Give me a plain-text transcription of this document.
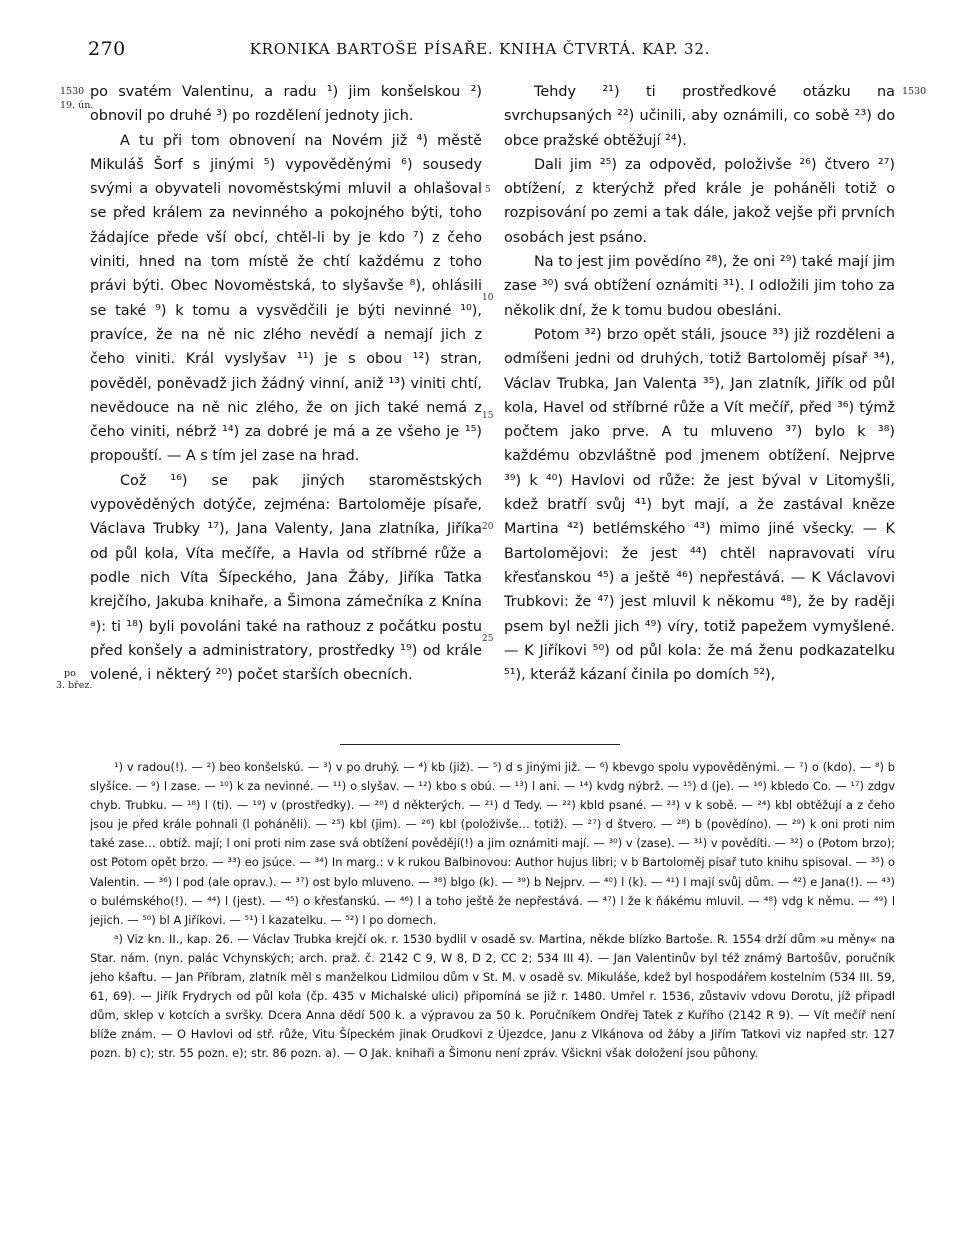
270	KRONIKA BARTOŠE PÍSAŘE. KNIHA ČTVRTÁ. KAP. 32.
1530
19. ún.
po
3. břez.
1530
5
10
15
20
25

po svatém Valentinu, a radu ¹) jim konšelskou ²) obnovil po druhé ³) po rozdělení jednoty jich.

A tu při tom obnovení na Novém již ⁴) městě Mikuláš Šorf s jinými ⁵) vypověděnými ⁶) sousedy svými a obyvateli novoměstskými mluvil a ohlašoval se před králem za nevinného a pokojného býti, toho žádajíce přede vší obcí, chtěl-li by je kdo ⁷) z čeho viniti, hned na tom místě že chtí každému z toho právi býti. Obec Novoměstská, to slyšavše ⁸), ohlásili se také ⁹) k tomu a vysvědčili je býti nevinné ¹⁰), pravíce, že na ně nic zlého nevědí a nemají jich z čeho viniti. Král vyslyšav ¹¹) je s obou ¹²) stran, pověděl, poněvadž jich žádný vinní, aniž ¹³) viniti chtí, nevědouce na ně nic zlého, že on jich také nemá z čeho viniti, nébrž ¹⁴) za dobré je má a ze všeho je ¹⁵) propouští. — A s tím jel zase na hrad.

Což ¹⁶) se pak jiných staroměstských vypověděných dotýče, zejména: Bartoloměje písaře, Václava Trubky ¹⁷), Jana Valenty, Jana zlatníka, Jiříka od půl kola, Víta mečíře, a Havla od stříbrné růže a podle nich Víta Šípeckého, Jana Žáby, Jiříka Tatka krejčího, Jakuba knihaře, a Šimona zámečníka z Knína ᵃ): ti ¹⁸) byli povoláni také na rathouz z počátku postu před konšely a administratory, prostředky ¹⁹) od krále volené, i některý ²⁰) počet starších obecních.

Tehdy ²¹) ti prostředkové otázku na svrchupsaných ²²) učinili, aby oznámili, co sobě ²³) do obce pražské obtěžují ²⁴).

Dali jim ²⁵) za odpověd, položivše ²⁶) čtvero ²⁷) obtížení, z kterýchž před krále je poháněli totiž o rozpisování po zemi a tak dále, jakož vejše při prvních osobách jest psáno.

Na to jest jim povědíno ²⁸), že oni ²⁹) také mají jim zase ³⁰) svá obtížení oznámiti ³¹). I odložili jim toho za několik dní, že k tomu budou obesláni.

Potom ³²) brzo opět stáli, jsouce ³³) již rozděleni a odmíšeni jedni od druhých, totiž Bartoloměj písař ³⁴), Václav Trubka, Jan Valenta ³⁵), Jan zlatník, Jiřík od půl kola, Havel od stříbrné růže a Vít mečíř, před ³⁶) týmž počtem jako prve. A tu mluveno ³⁷) bylo k ³⁸) každému obzvláštně pod jmenem obtížení. Nejprve ³⁹) k ⁴⁰) Havlovi od růže: že jest býval v Litomyšli, kdež bratří svůj ⁴¹) byt mají, a že zastával kněze Martina ⁴²) betlémského ⁴³) mimo jiné všecky. — K Bartolomějovi: že jest ⁴⁴) chtěl napravovati víru křesťanskou ⁴⁵) a ještě ⁴⁶) nepřestává. — K Václavovi Trubkovi: že ⁴⁷) jest mluvil k někomu ⁴⁸), že by raději psem byl nežli jich ⁴⁹) víry, totiž papežem vymyšlené. — K Jiříkovi ⁵⁰) od půl kola: že má ženu podkazatelku ⁵¹), kteráž kázaní činila po domích ⁵²),

¹) v radou(!). — ²) beo konšelskú. — ³) v po druhý. — ⁴) kb (již). — ⁵) d s jinými již. — ⁶) kbevgo spolu vypověděnými. — ⁷) o (kdo). — ⁸) b slyšíce. — ⁹) l zase. — ¹⁰) k za nevinné. — ¹¹) o slyšav. — ¹²) kbo s obú. — ¹³) l ani. — ¹⁴) kvdg nýbrž. — ¹⁵) d (je). — ¹⁶) kbledo Co. — ¹⁷) zdgv chyb. Trubku. — ¹⁸) l (ti). — ¹⁹) v (prostředky). — ²⁰) d některých. — ²¹) d Tedy. — ²²) kbld psané. — ²³) v k sobě. — ²⁴) kbl obtěžují a z čeho jsou je před krále pohnali (l poháněli). — ²⁵) kbl (jim). — ²⁶) kbl (položivše… totiž). — ²⁷) d štvero. — ²⁸) b (povědíno). — ²⁹) k oni proti nim také zase… obtíž. mají; l oni proti nim zase svá obtížení povědějí(!) a jim oznámiti mají. — ³⁰) v (zase). — ³¹) v povědíti. — ³²) o (Potom brzo); ost Potom opět brzo. — ³³) eo jsúce. — ³⁴) In marg.: v k rukou Balbinovou: Author hujus libri; v b Bartoloměj písař tuto knihu spisoval. — ³⁵) o Valentin. — ³⁶) l pod (ale oprav.). — ³⁷) ost bylo mluveno. — ³⁸) blgo (k). — ³⁹) b Nejprv. — ⁴⁰) l (k). — ⁴¹) l mají svůj dům. — ⁴²) e Jana(!). — ⁴³) o bulémského(!). — ⁴⁴) l (jest). — ⁴⁵) o křesťanskú. — ⁴⁶) l a toho ještě že nepřestává. — ⁴⁷) l že k ňákému mluvil. — ⁴⁸) vdg k němu. — ⁴⁹) l jejich. — ⁵⁰) bl A Jiříkovi. — ⁵¹) l kazatelku. — ⁵²) l po domech.

ᵃ) Viz kn. II., kap. 26. — Václav Trubka krejčí ok. r. 1530 bydlil v osadě sv. Martina, někde blízko Bartoše. R. 1554 drží dům »u měny« na Star. nám. (nyn. palác Vchynských; arch. praž. č. 2142 C 9, W 8, D 2, CC 2; 534 III 4). — Jan Valentinův byl též známý Bartošův, poručník jeho kšaftu. — Jan Příbram, zlatník měl s manželkou Lidmilou dům v St. M. v osadě sv. Mikuláše, kdež byl hospodářem kostelním (534 III. 59, 61, 69). — Jiřík Frydrych od půl kola (čp. 435 v Michalské ulici) připomíná se již r. 1480. Umřel r. 1536, zůstaviv vdovu Dorotu, jíž připadl dům, sklep v kotcích a svršky. Dcera Anna dědí 500 k. a výpravou za 50 k. Poručníkem Ondřej Tatek z Kuřího (2142 R 9). — Vít mečíř není blíže znám. — O Havlovi od stř. růže, Vitu Šípeckém jinak Orudkovi z Újezdce, Janu z Vlkánova od žáby a Jiřím Tatkovi viz napřed str. 127 pozn. b) c); str. 55 pozn. e); str. 86 pozn. a). — O Jak. knihaři a Šimonu není zpráv. Všickni však doložení jsou půhony.
